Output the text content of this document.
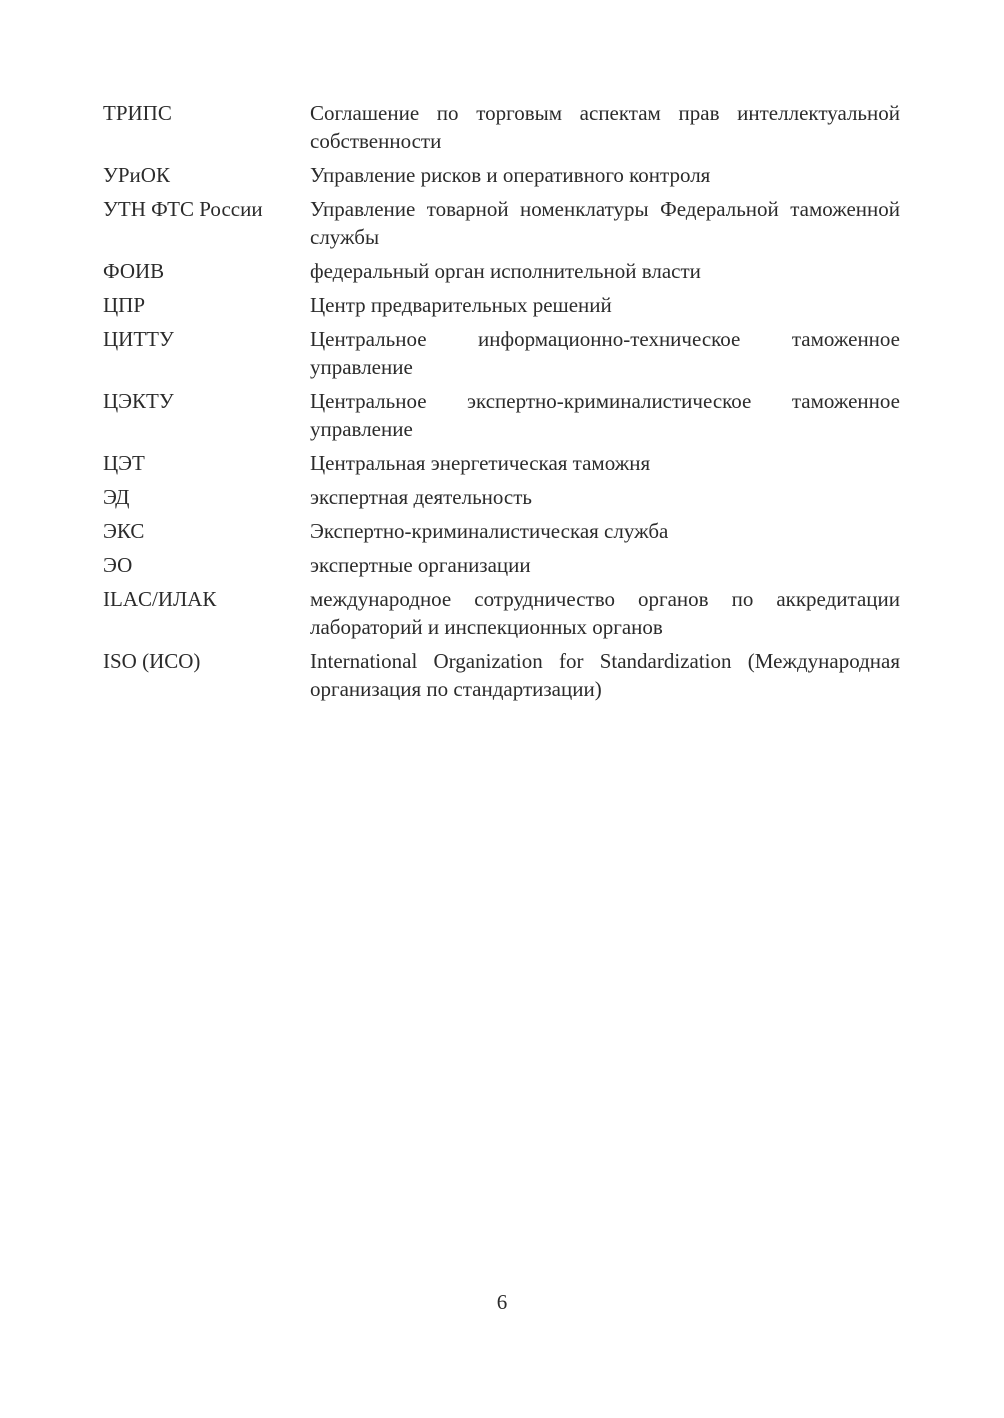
ТРИПС	Соглашение по торговым аспектам прав интеллектуальной собственности
УРиОК	Управление рисков и оперативного контроля
УТН ФТС России	Управление товарной номенклатуры Федеральной таможенной службы
ФОИВ	федеральный орган исполнительной власти
ЦПР	Центр предварительных решений
ЦИТТУ	Центральное информационно-техническое таможенное управление
ЦЭКТУ	Центральное экспертно-криминалистическое таможенное управление
ЦЭТ	Центральная энергетическая таможня
ЭД	экспертная деятельность
ЭКС	Экспертно-криминалистическая служба
ЭО	экспертные организации
ILAC/ИЛАК	международное сотрудничество органов по аккредитации лабораторий и инспекционных органов
ISO (ИСО)	International Organization for Standardization (Международная организация по стандартизации)
6
